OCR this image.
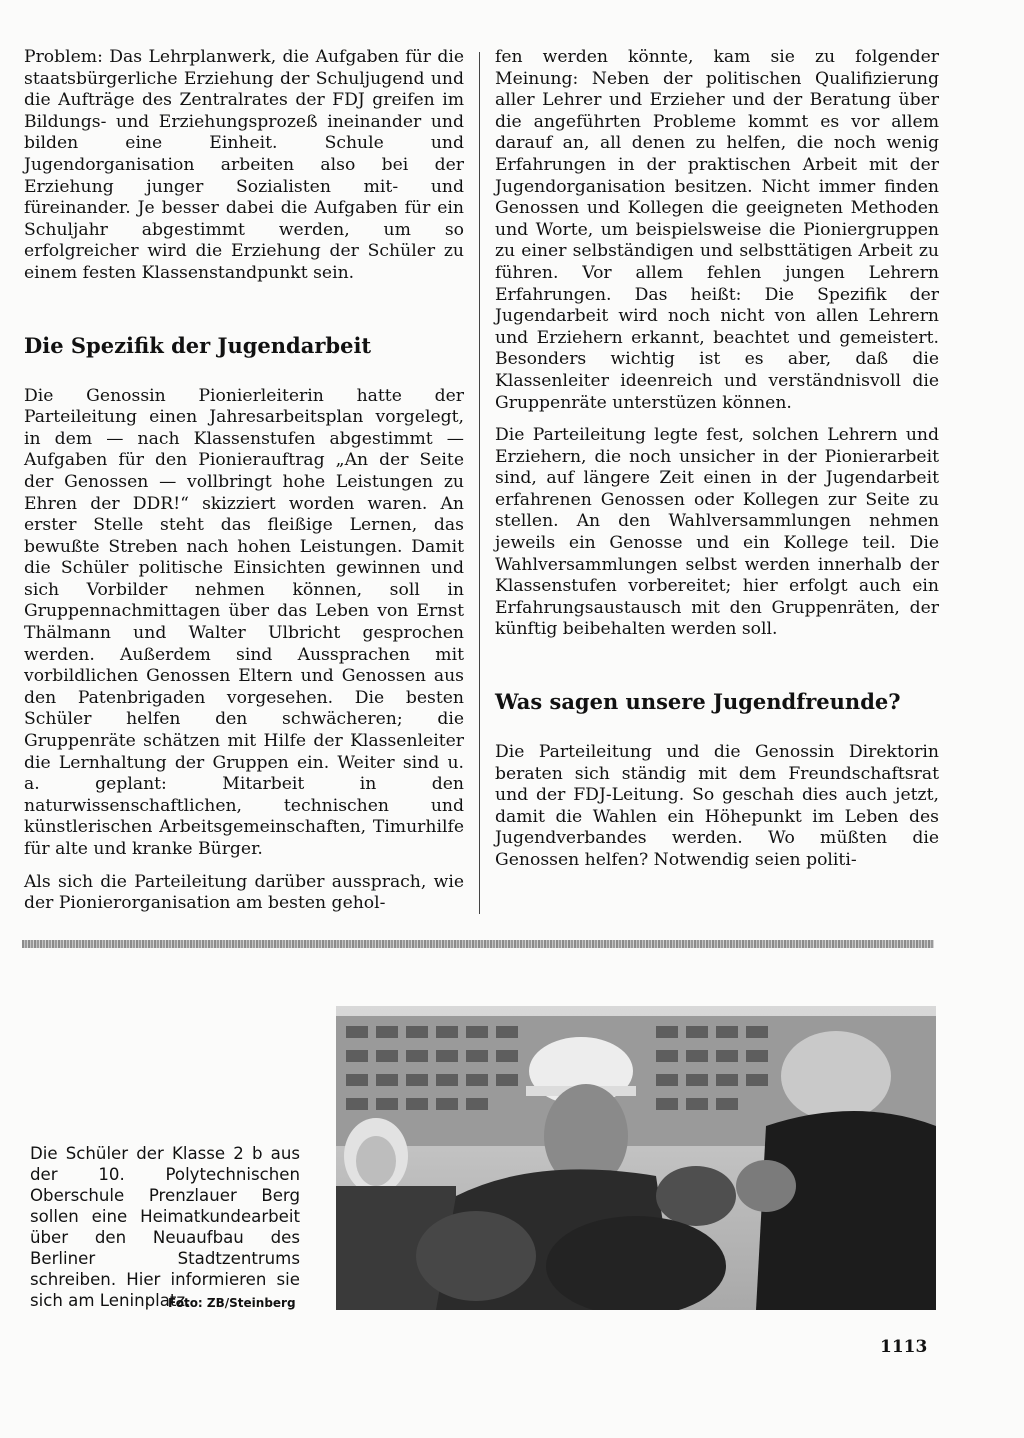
Problem: Das Lehrplanwerk, die Aufgaben für die staatsbürgerliche Erziehung der Schuljugend und die Aufträge des Zentralrates der FDJ greifen im Bildungs- und Erziehungsprozeß ineinander und bilden eine Einheit. Schule und Jugendorganisation arbeiten also bei der Erziehung junger Sozialisten mit- und füreinander. Je besser dabei die Aufgaben für ein Schuljahr abgestimmt werden, um so erfolgreicher wird die Erziehung der Schüler zu einem festen Klassenstandpunkt sein.

Die Spezifik der Jugendarbeit

Die Genossin Pionierleiterin hatte der Parteileitung einen Jahresarbeitsplan vorgelegt, in dem — nach Klassenstufen abgestimmt — Aufgaben für den Pionierauftrag „An der Seite der Genossen — vollbringt hohe Leistungen zu Ehren der DDR!“ skizziert worden waren. An erster Stelle steht das fleißige Lernen, das bewußte Streben nach hohen Leistungen. Damit die Schüler politische Einsichten gewinnen und sich Vorbilder nehmen können, soll in Gruppennachmittagen über das Leben von Ernst Thälmann und Walter Ulbricht gesprochen werden. Außerdem sind Aussprachen mit vorbildlichen Genossen Eltern und Genossen aus den Patenbrigaden vorgesehen. Die besten Schüler helfen den schwächeren; die Gruppenräte schätzen mit Hilfe der Klassenleiter die Lernhaltung der Gruppen ein. Weiter sind u. a. geplant: Mitarbeit in den naturwissenschaftlichen, technischen und künstlerischen Arbeitsgemeinschaften, Timurhilfe für alte und kranke Bürger.

Als sich die Parteileitung darüber aussprach, wie der Pionierorganisation am besten gehol-

fen werden könnte, kam sie zu folgender Meinung: Neben der politischen Qualifizierung aller Lehrer und Erzieher und der Beratung über die angeführten Probleme kommt es vor allem darauf an, all denen zu helfen, die noch wenig Erfahrungen in der praktischen Arbeit mit der Jugendorganisation besitzen. Nicht immer finden Genossen und Kollegen die geeigneten Methoden und Worte, um beispielsweise die Pioniergruppen zu einer selbständigen und selbsttätigen Arbeit zu führen. Vor allem fehlen jungen Lehrern Erfahrungen. Das heißt: Die Spezifik der Jugendarbeit wird noch nicht von allen Lehrern und Erziehern erkannt, beachtet und gemeistert. Besonders wichtig ist es aber, daß die Klassenleiter ideenreich und verständnisvoll die Gruppenräte unterstüzen können.

Die Parteileitung legte fest, solchen Lehrern und Erziehern, die noch unsicher in der Pionierarbeit sind, auf längere Zeit einen in der Jugendarbeit erfahrenen Genossen oder Kollegen zur Seite zu stellen. An den Wahlversammlungen nehmen jeweils ein Genosse und ein Kollege teil. Die Wahlversammlungen selbst werden innerhalb der Klassenstufen vorbereitet; hier erfolgt auch ein Erfahrungsaustausch mit den Gruppenräten, der künftig beibehalten werden soll.

Was sagen unsere Jugendfreunde?

Die Parteileitung und die Genossin Direktorin beraten sich ständig mit dem Freundschaftsrat und der FDJ-Leitung. So geschah dies auch jetzt, damit die Wahlen ein Höhepunkt im Leben des Jugendverbandes werden. Wo müßten die Genossen helfen? Notwendig seien politi-

Die Schüler der Klasse 2 b aus der 10. Polytechnischen Oberschule Prenzlauer Berg sollen eine Heimatkundearbeit über den Neuaufbau des Berliner Stadtzentrums schreiben. Hier informieren sie sich am Leninplatz.
Foto: ZB/Steinberg
1113
